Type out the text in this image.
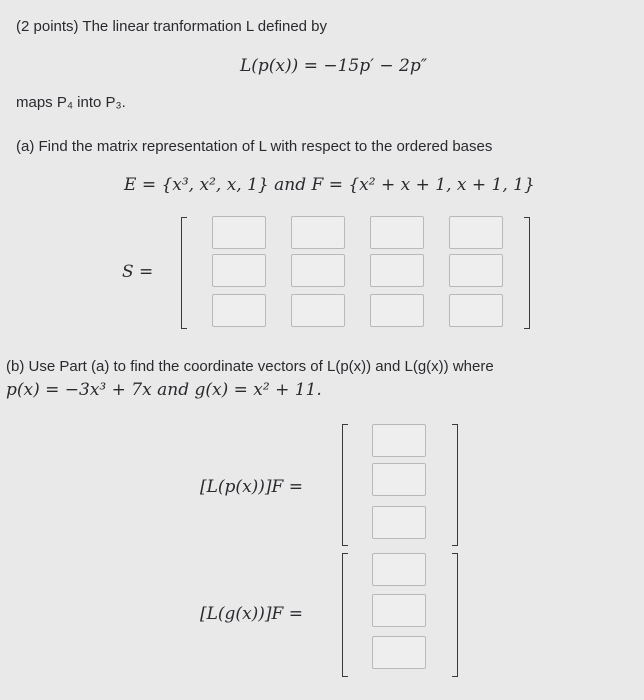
(2 points) The linear tranformation L defined by
L(p(x)) = −15p′ − 2p″
maps P₄ into P₃.
(a) Find the matrix representation of L with respect to the ordered bases
E = {x³, x², x, 1} and F = {x² + x + 1, x + 1, 1}
S =
(b) Use Part (a) to find the coordinate vectors of L(p(x)) and L(g(x)) where
p(x) = −3x³ + 7x and g(x) = x² + 11.
[L(p(x))]F =
[L(g(x))]F =
